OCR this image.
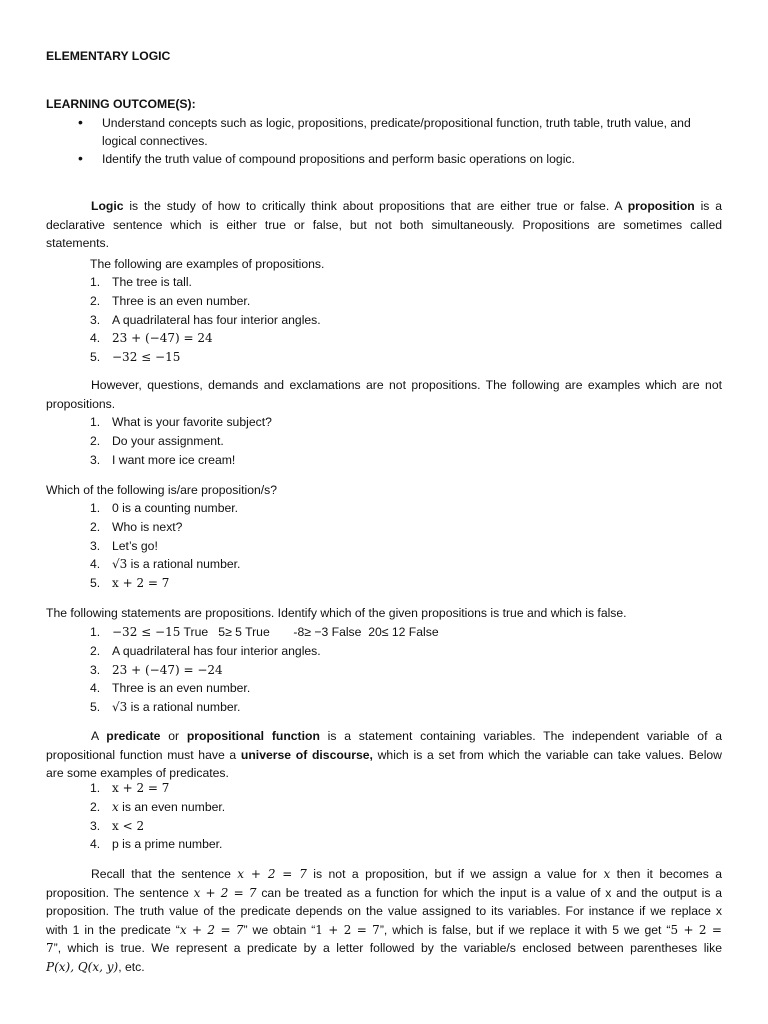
ELEMENTARY LOGIC
LEARNING OUTCOME(S):
• Understand concepts such as logic, propositions, predicate/propositional function, truth table, truth value, and
logical connectives.
• Identify the truth value of compound propositions and perform basic operations on logic.
Logic is the study of how to critically think about propositions that are either true or false. A proposition is a
declarative sentence which is either true or false, but not both simultaneously. Propositions are sometimes called
statements.
The following are examples of propositions.
1. The tree is tall.
2. Three is an even number.
3. A quadrilateral has four interior angles.
4. 23 + (−47) = 24
5. −32 ≤ −15
However, questions, demands and exclamations are not propositions. The following are examples which are not
propositions.
1. What is your favorite subject?
2. Do your assignment.
3. I want more ice cream!
Which of the following is/are proposition/s?
1. 0 is a counting number.
2. Who is next?
3. Let’s go!
4. √3 is a rational number.
5. x + 2 = 7
The following statements are propositions. Identify which of the given propositions is true and which is false.
1. −32 ≤ −15 True 5≥ 5 True -8≥ −3 False 20≤ 12 False
2. A quadrilateral has four interior angles.
3. 23 + (−47) = −24
4. Three is an even number.
5. √3 is a rational number.
A predicate or propositional function is a statement containing variables. The independent variable of a
propositional function must have a universe of discourse, which is a set from which the variable can take values. Below
are some examples of predicates.
1. x + 2 = 7
2. x is an even number.
3. x < 2
4. p is a prime number.
Recall that the sentence x + 2 = 7 is not a proposition, but if we assign a value for x then it becomes a
proposition. The sentence x + 2 = 7 can be treated as a function for which the input is a value of x and the output is a
proposition. The truth value of the predicate depends on the value assigned to its variables. For instance if we replace x
with 1 in the predicate “x + 2 = 7” we obtain “1 + 2 = 7”, which is false, but if we replace it with 5 we get “5 + 2 =
7”, which is true. We represent a predicate by a letter followed by the variable/s enclosed between parentheses like
P(x), Q(x, y), etc.
